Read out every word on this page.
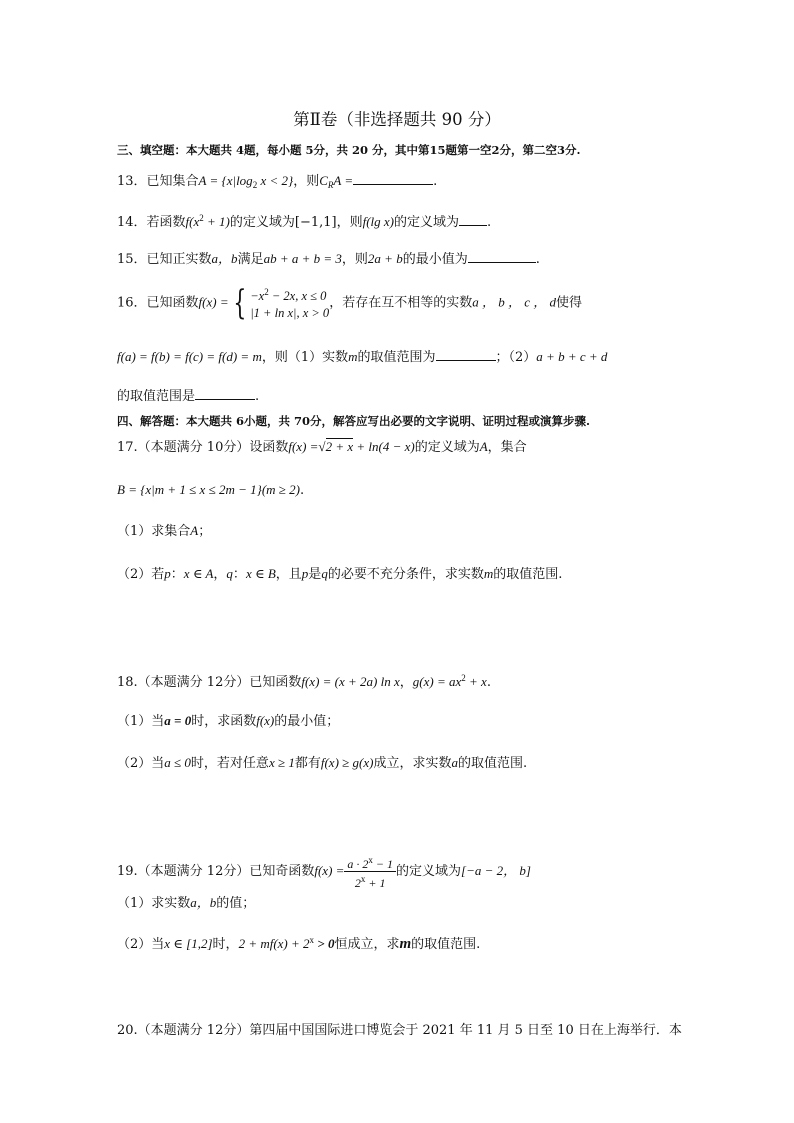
第Ⅱ卷（非选择题共 90 分）
三、填空题：本大题共 4题，每小题 5分，共 20 分，其中第15题第一空2分，第二空3分.
13．已知集合$A = \{x|\log_2$ x < 2}，则$C_RA$ =	.
14．若函数$f(x^2 + 1)$的定义域为[−1,1]，则f(lg x)的定义域为 .
15．已知正实数a，b满足ab + a + b = 3，则2a + b的最小值为	.
16．已知函数f(x) = { $-x^2 - 2x$, x ≤ 0
|1 + ln x|, x > 0
，若存在互不相等的实数a ， b ， c ， d使得
f(a) = f(b) = f(c) = f(d) = m，则（1）实数m的取值范围为	；（2）a + b + c + d
的取值范围是	.
四、解答题：本大题共 6小题，共 70分，解答应写出必要的文字说明、证明过程或演算步骤.
17.（本题满分 10分）设函数f(x) =√2 + x + ln(4 − x)的定义域为A，集合
B = {x|m + 1 ≤ x ≤ 2m − 1}(m ≥ 2).
（1）求集合A；
（2）若p：x ∈ A，q：x ∈ B，且p是q的必要不充分条件，求实数m的取值范围.
18.（本题满分 12分）已知函数f(x) = (x + 2a) ln x，$g(x) = ax^2 + x$.
（1）当a = 0时，求函数f(x)的最小值；
（2）当a ≤ 0时，若对任意x ≥ 1都有f(x) ≥ g(x)成立，求实数a的取值范围.
19.（本题满分 12分）已知奇函数$f(x) = \frac{a \cdot 2^x - 1}{2^x + 1}$ 的定义域为[−a − 2， b]
（1）求实数a，b的值；
（2）当x ∈ [1,2]时，$2 + mf(x) + 2^x > 0$恒成立，求m的取值范围.
20.（本题满分 12分）第四届中国国际进口博览会于 2021 年 11 月 5 日至 10 日在上海举行．本
